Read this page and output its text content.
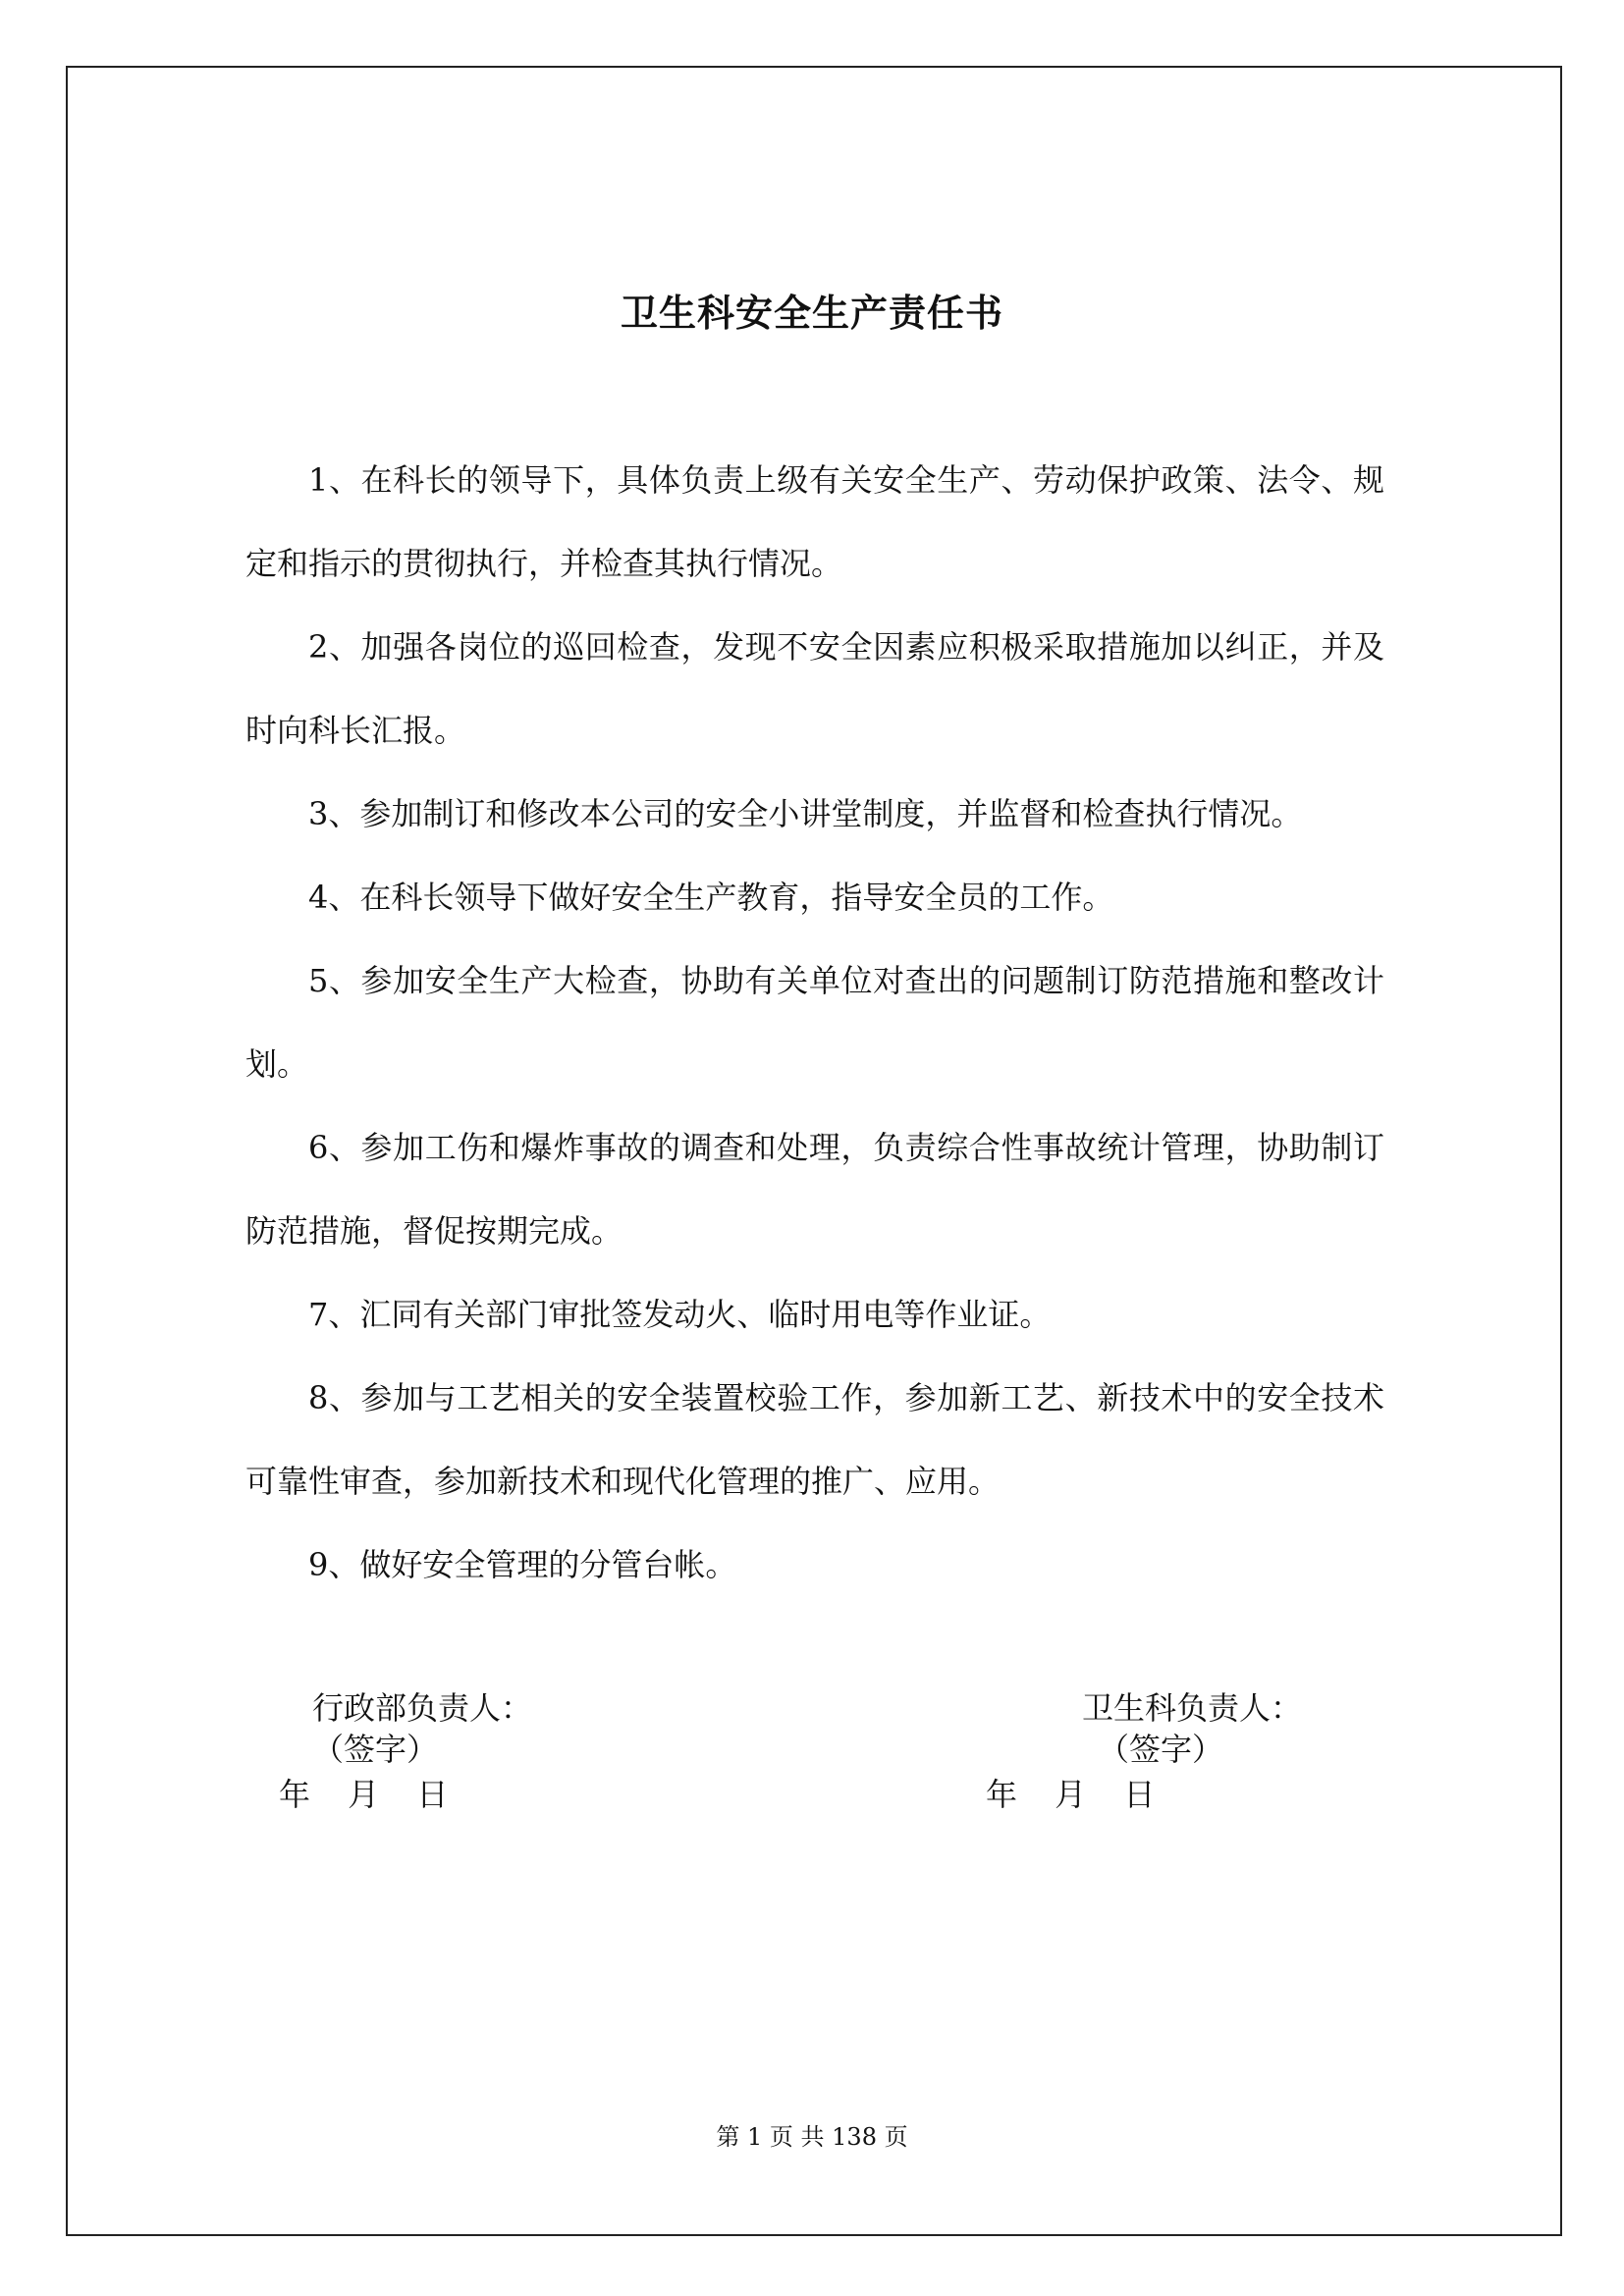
卫生科安全生产责任书

1、在科长的领导下，具体负责上级有关安全生产、劳动保护政策、法令、规定和指示的贯彻执行，并检查其执行情况。

2、加强各岗位的巡回检查，发现不安全因素应积极采取措施加以纠正，并及时向科长汇报。

3、参加制订和修改本公司的安全小讲堂制度，并监督和检查执行情况。

4、在科长领导下做好安全生产教育，指导安全员的工作。

5、参加安全生产大检查，协助有关单位对查出的问题制订防范措施和整改计划。

6、参加工伤和爆炸事故的调查和处理，负责综合性事故统计管理，协助制订防范措施，督促按期完成。

7、汇同有关部门审批签发动火、临时用电等作业证。

8、参加与工艺相关的安全装置校验工作，参加新工艺、新技术中的安全技术可靠性审查，参加新技术和现代化管理的推广、应用。

9、做好安全管理的分管台帐。

行政部负责人：
（签字）
年 月 日
卫生科负责人：
（签字）
年 月 日
第 1 页 共 138 页
